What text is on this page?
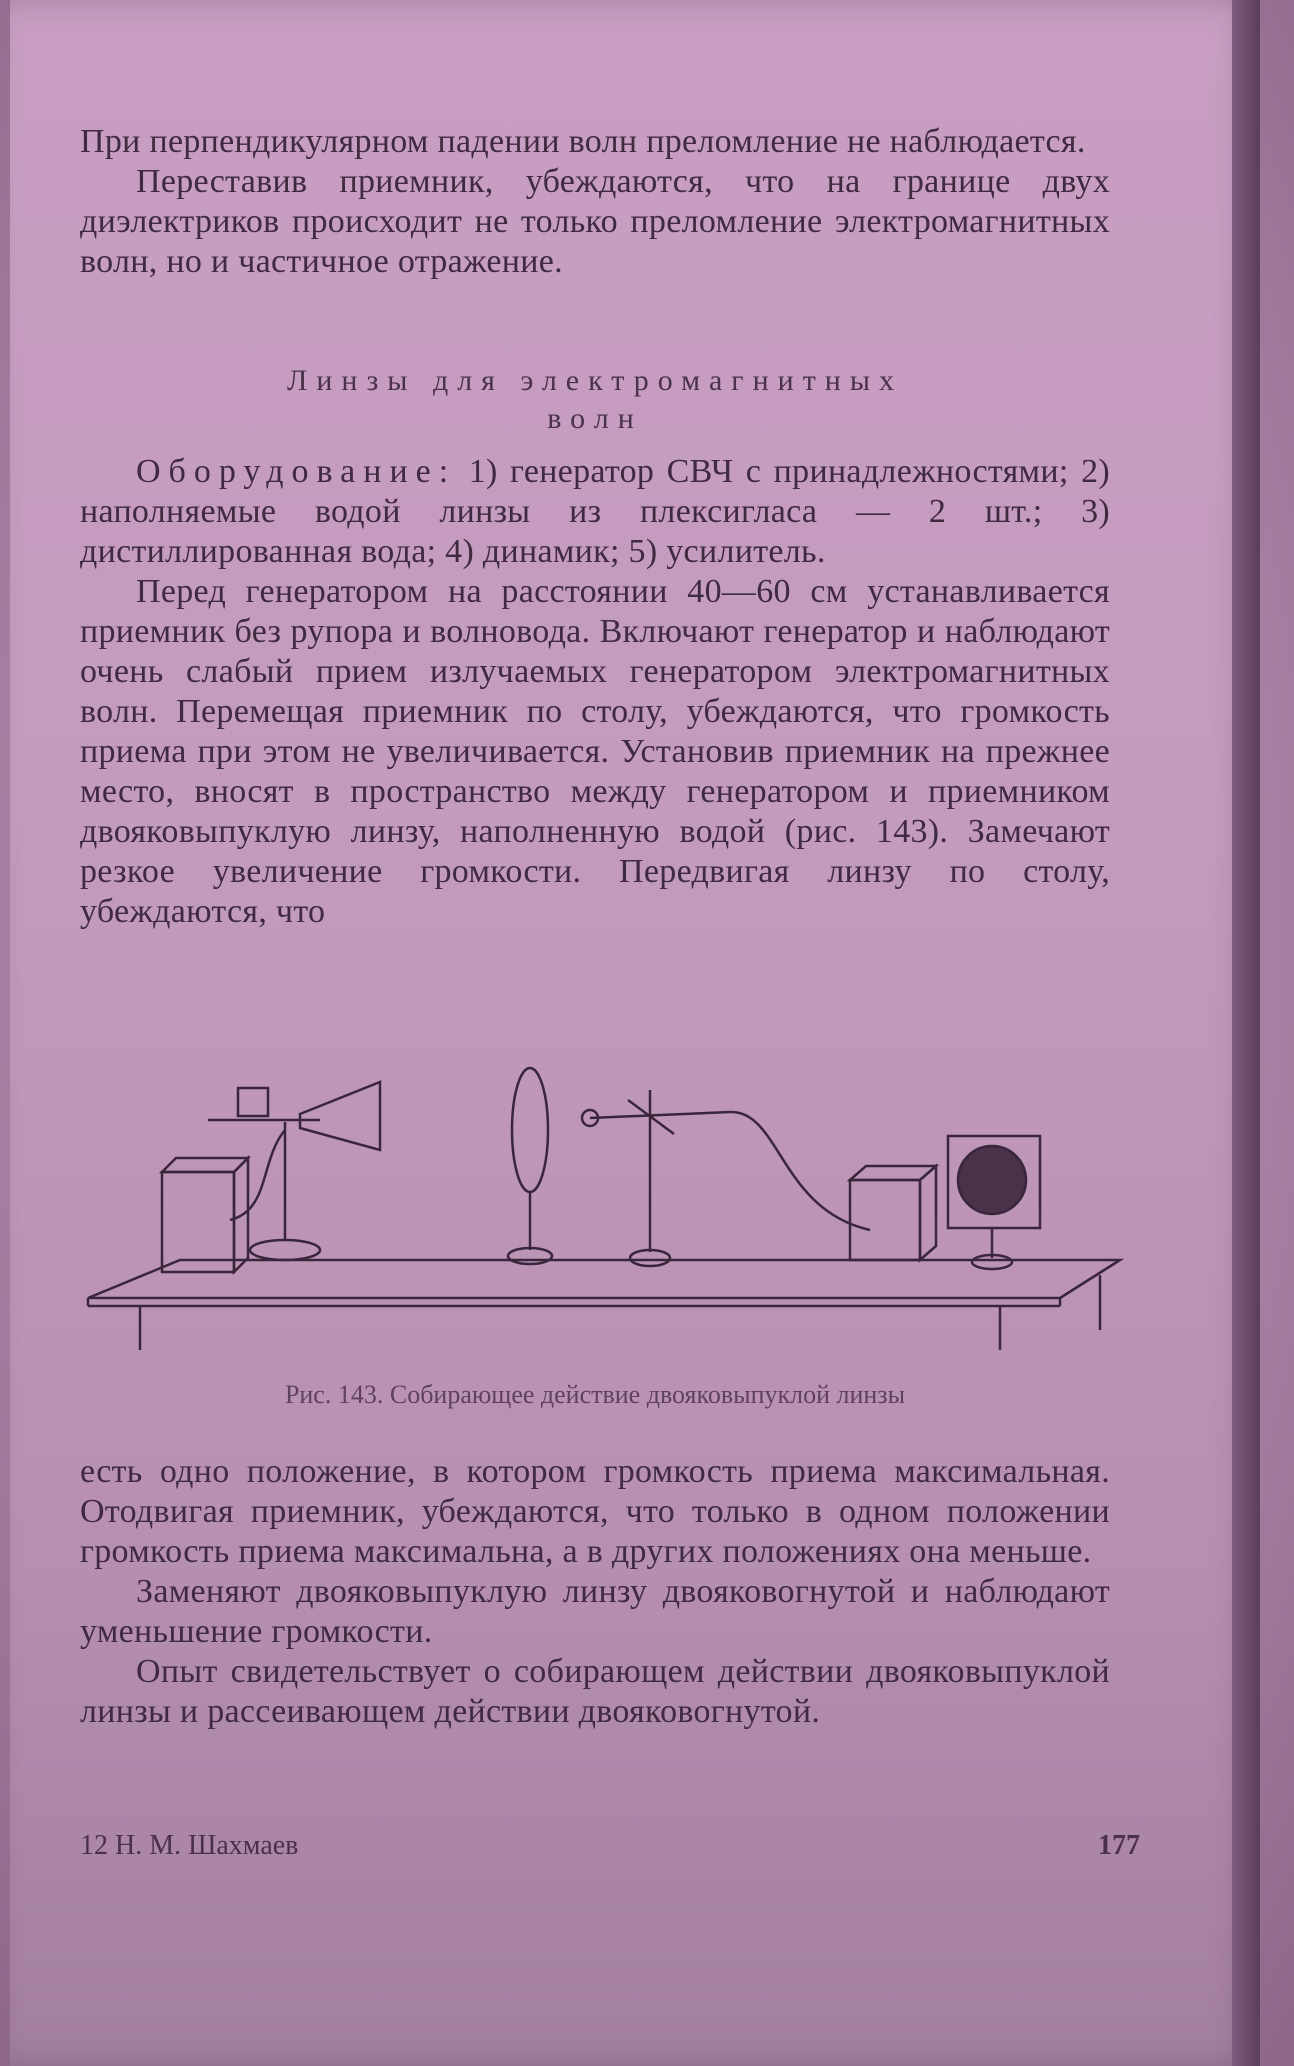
При перпендикулярном падении волн преломление не наблюдается.

Переставив приемник, убеждаются, что на границе двух диэлектриков происходит не только преломление электромагнитных волн, но и частичное отражение.

Линзы для электромагнитных
волн

Оборудование: 1) генератор СВЧ с принадлежностями; 2) наполняемые водой линзы из плексигласа — 2 шт.; 3) дистиллированная вода; 4) динамик; 5) усилитель.

Перед генератором на расстоянии 40—60 см устанавливается приемник без рупора и волновода. Включают генератор и наблюдают очень слабый прием излучаемых генератором электромагнитных волн. Перемещая приемник по столу, убеждаются, что громкость приема при этом не увеличивается. Установив приемник на прежнее место, вносят в пространство между генератором и приемником двояковыпуклую линзу, наполненную водой (рис. 143). Замечают резкое увеличение громкости. Передвигая линзу по столу, убеждаются, что

Рис. 143. Собирающее действие двояковыпуклой линзы

есть одно положение, в котором громкость приема максимальная. Отодвигая приемник, убеждаются, что только в одном положении громкость приема максимальна, а в других положениях она меньше.

Заменяют двояковыпуклую линзу двояковогнутой и наблюдают уменьшение громкости.

Опыт свидетельствует о собирающем действии двояковыпуклой линзы и рассеивающем действии двояковогнутой.

12 Н. М. Шахмаев	177
